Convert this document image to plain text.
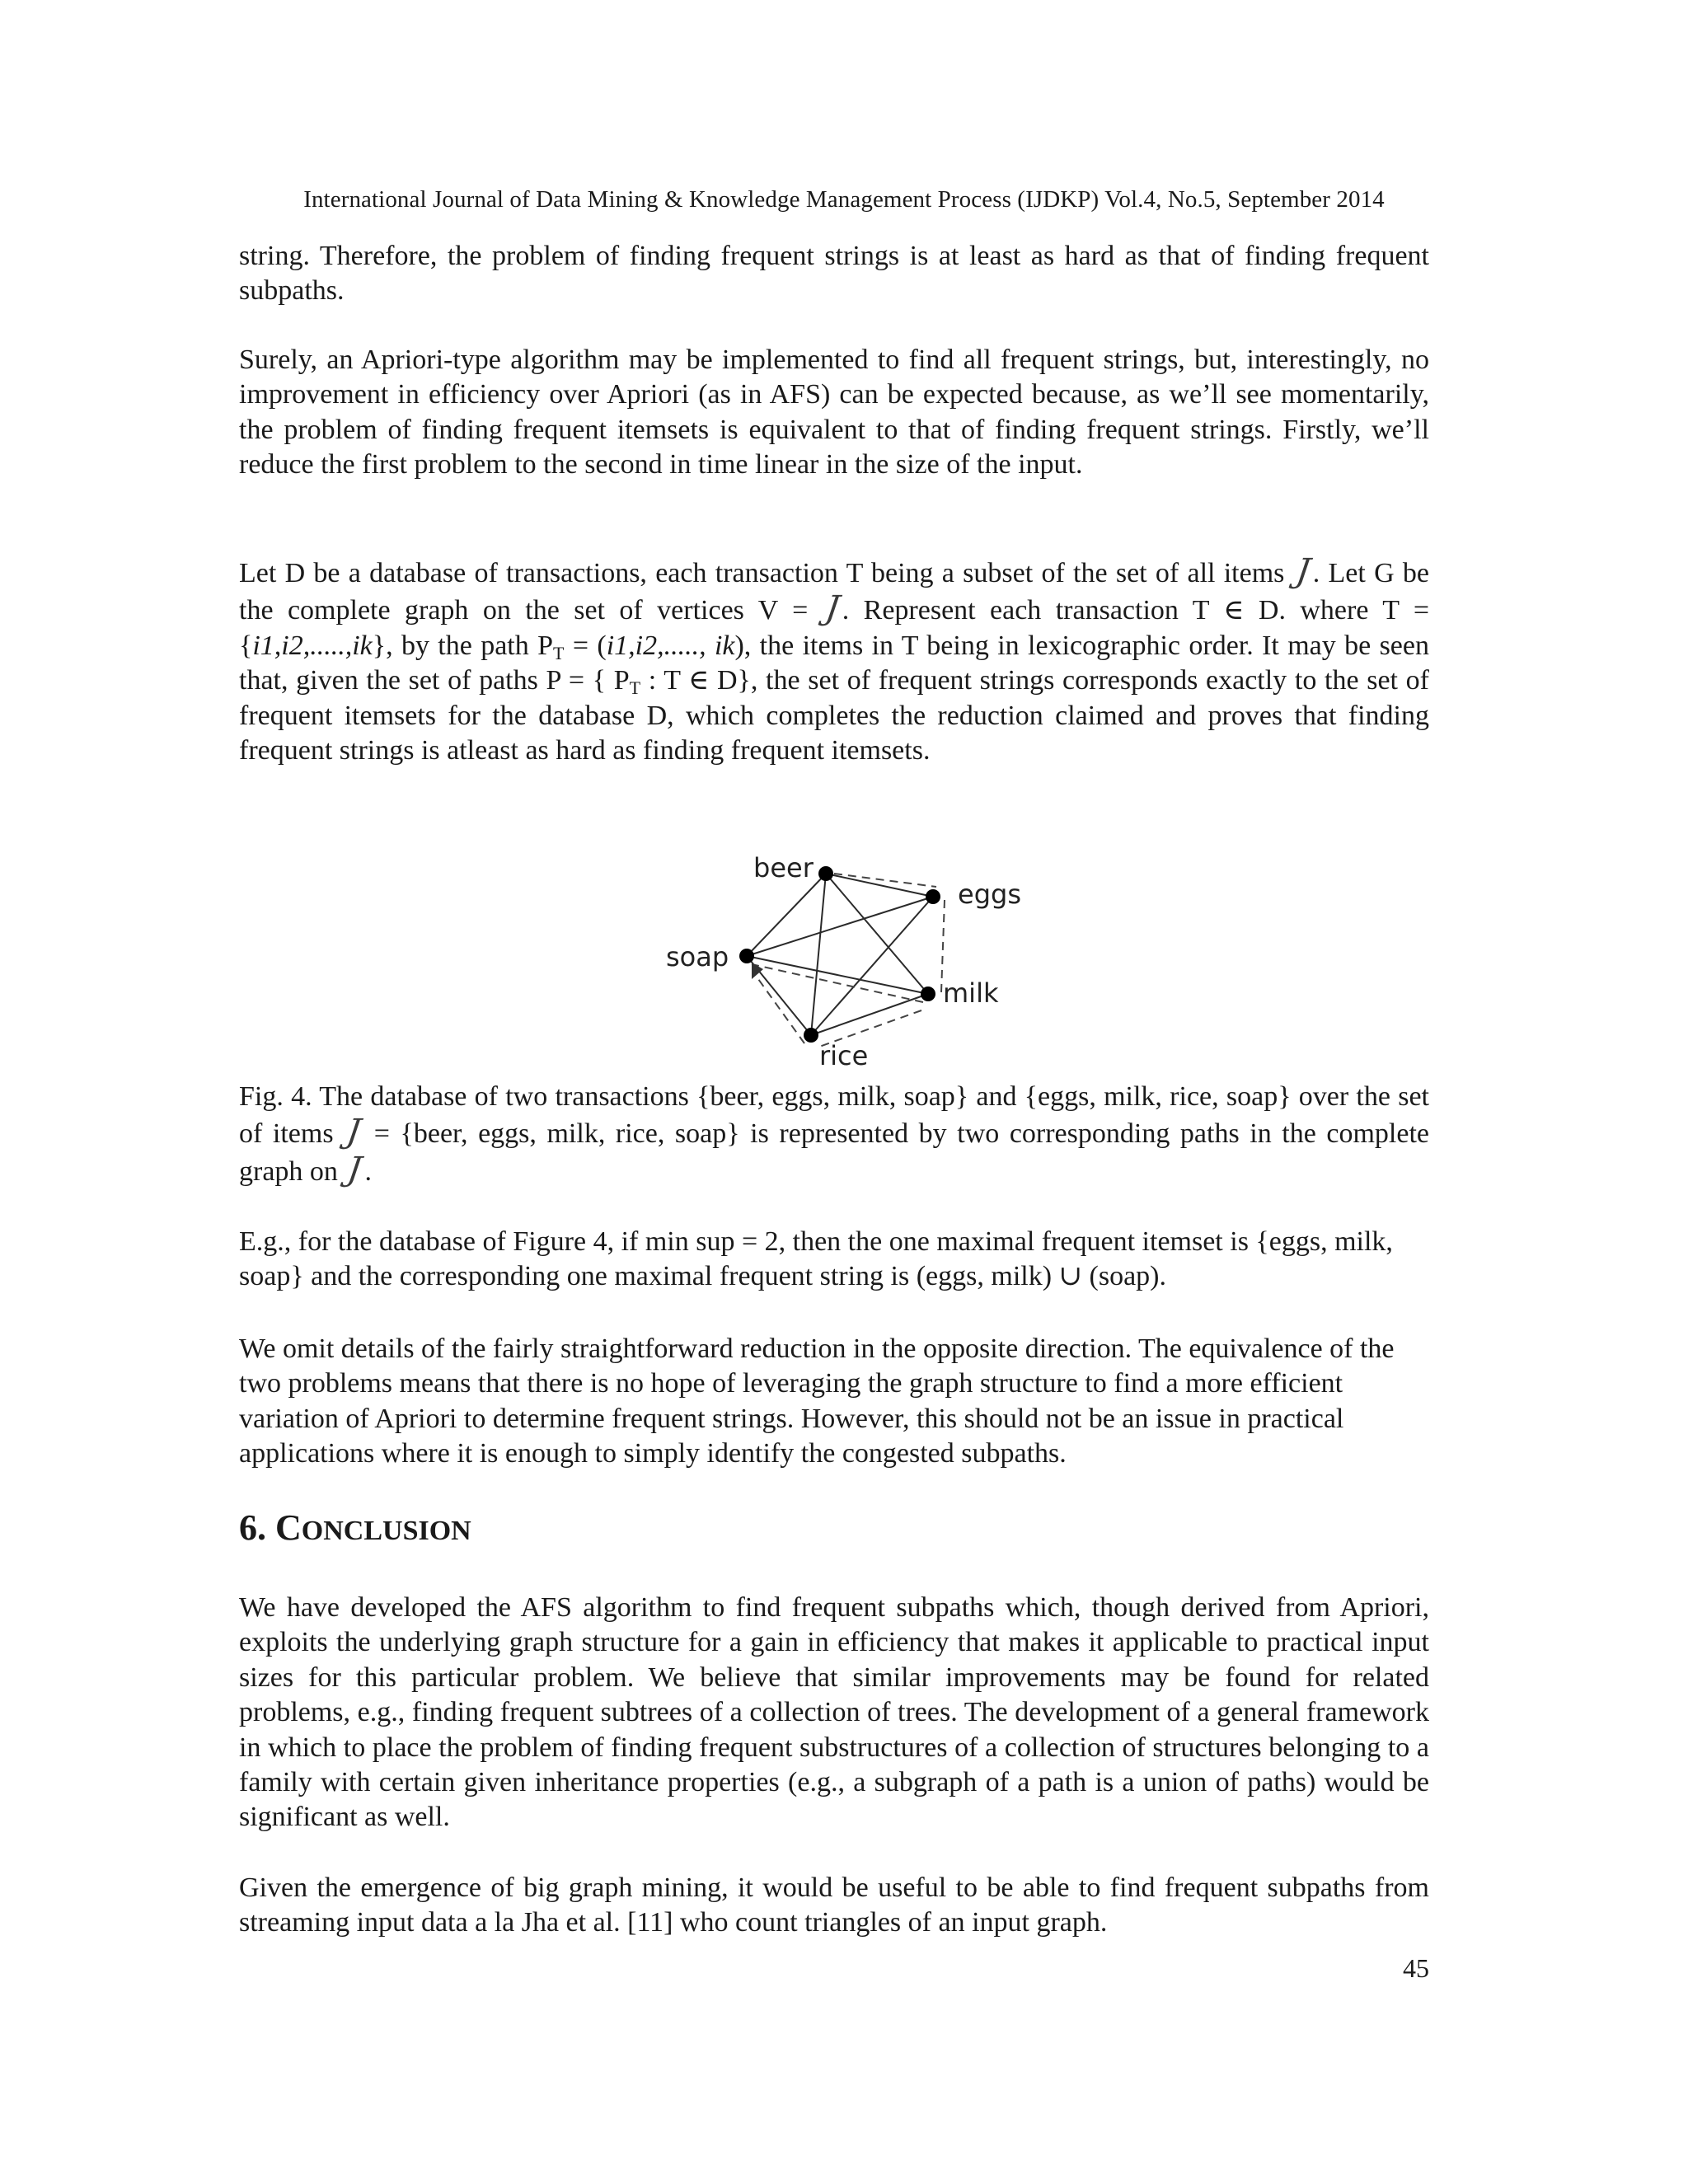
International Journal of Data Mining & Knowledge Management Process (IJDKP) Vol.4, No.5, September 2014

string. Therefore, the problem of finding frequent strings is at least as hard as that of finding frequent subpaths.

Surely, an Apriori-type algorithm may be implemented to find all frequent strings, but, interestingly, no improvement in efficiency over Apriori (as in AFS) can be expected because, as we’ll see momentarily, the problem of finding frequent itemsets is equivalent to that of finding frequent strings. Firstly, we’ll reduce the first problem to the second in time linear in the size of the input.

Let D be a database of transactions, each transaction T being a subset of the set of all items J. Let G be the complete graph on the set of vertices V = J. Represent each transaction T ∈ D. where T = {i1,i2,.....,ik}, by the path $P_T = (i1,i2$,....., ik), the items in T being in lexicographic order. It may be seen that, given the set of paths P = { $P_T$ : T ∈ D}, the set of frequent strings corresponds exactly to the set of frequent itemsets for the database D, which completes the reduction claimed and proves that finding frequent strings is atleast as hard as finding frequent itemsets.

beer
eggs
soap
milk
rice

Fig. 4. The database of two transactions {beer, eggs, milk, soap} and {eggs, milk, rice, soap} over the set of items J = {beer, eggs, milk, rice, soap} is represented by two corresponding paths in the complete graph on J.

E.g., for the database of Figure 4, if min sup = 2, then the one maximal frequent itemset is {eggs, milk, soap} and the corresponding one maximal frequent string is (eggs, milk) ∪ (soap).

We omit details of the fairly straightforward reduction in the opposite direction. The equivalence of the two problems means that there is no hope of leveraging the graph structure to find a more efficient variation of Apriori to determine frequent strings. However, this should not be an issue in practical applications where it is enough to simply identify the congested subpaths.

6. CONCLUSION

We have developed the AFS algorithm to find frequent subpaths which, though derived from Apriori, exploits the underlying graph structure for a gain in efficiency that makes it applicable to practical input sizes for this particular problem. We believe that similar improvements may be found for related problems, e.g., finding frequent subtrees of a collection of trees. The development of a general framework in which to place the problem of finding frequent substructures of a collection of structures belonging to a family with certain given inheritance properties (e.g., a subgraph of a path is a union of paths) would be significant as well.

Given the emergence of big graph mining, it would be useful to be able to find frequent subpaths from streaming input data a la Jha et al. [11] who count triangles of an input graph.

45
